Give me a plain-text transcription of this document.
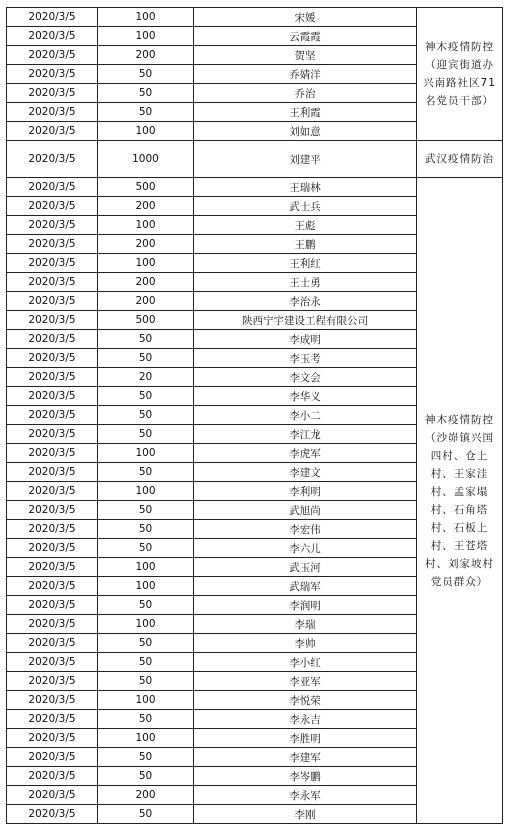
2020/3/5	100	宋媛	神木疫情防控（迎宾街道办兴南路社区71名党员干部）
2020/3/5	100	云霞霞	
2020/3/5	200	贺坚	
2020/3/5	50	乔婧洋	
2020/3/5	50	乔治	
2020/3/5	50	王利霞	
2020/3/5	100	刘如意	
2020/3/5	1000	刘建平	武汉疫情防治
2020/3/5	500	王瑞林	神木疫情防控（沙峁镇兴国四村、仓上村、王家洼村、孟家塌村、石角塔村、石板上村、王苍塔村、刘家坡村党员群众）
2020/3/5	200	武士兵	
2020/3/5	100	王彪	
2020/3/5	200	王鹏	
2020/3/5	100	王利红	
2020/3/5	200	王士勇	
2020/3/5	200	李治永	
2020/3/5	500	陕西宁宇建设工程有限公司	
2020/3/5	50	李成明	
2020/3/5	50	李玉考	
2020/3/5	20	李文会	
2020/3/5	50	李华义	
2020/3/5	50	李小二	
2020/3/5	50	李江龙	
2020/3/5	100	李虎军	
2020/3/5	50	李建文	
2020/3/5	100	李利明	
2020/3/5	50	武旭尚	
2020/3/5	50	李宏伟	
2020/3/5	50	李六儿	
2020/3/5	100	武玉河	
2020/3/5	100	武瑞军	
2020/3/5	50	李润明	
2020/3/5	100	李瑞	
2020/3/5	50	李帅	
2020/3/5	50	李小红	
2020/3/5	50	李亚军	
2020/3/5	100	李悦荣	
2020/3/5	50	李永吉	
2020/3/5	100	李胜明	
2020/3/5	50	李建军	
2020/3/5	50	李岑鹏	
2020/3/5	200	李永军	
2020/3/5	50	李刚	
